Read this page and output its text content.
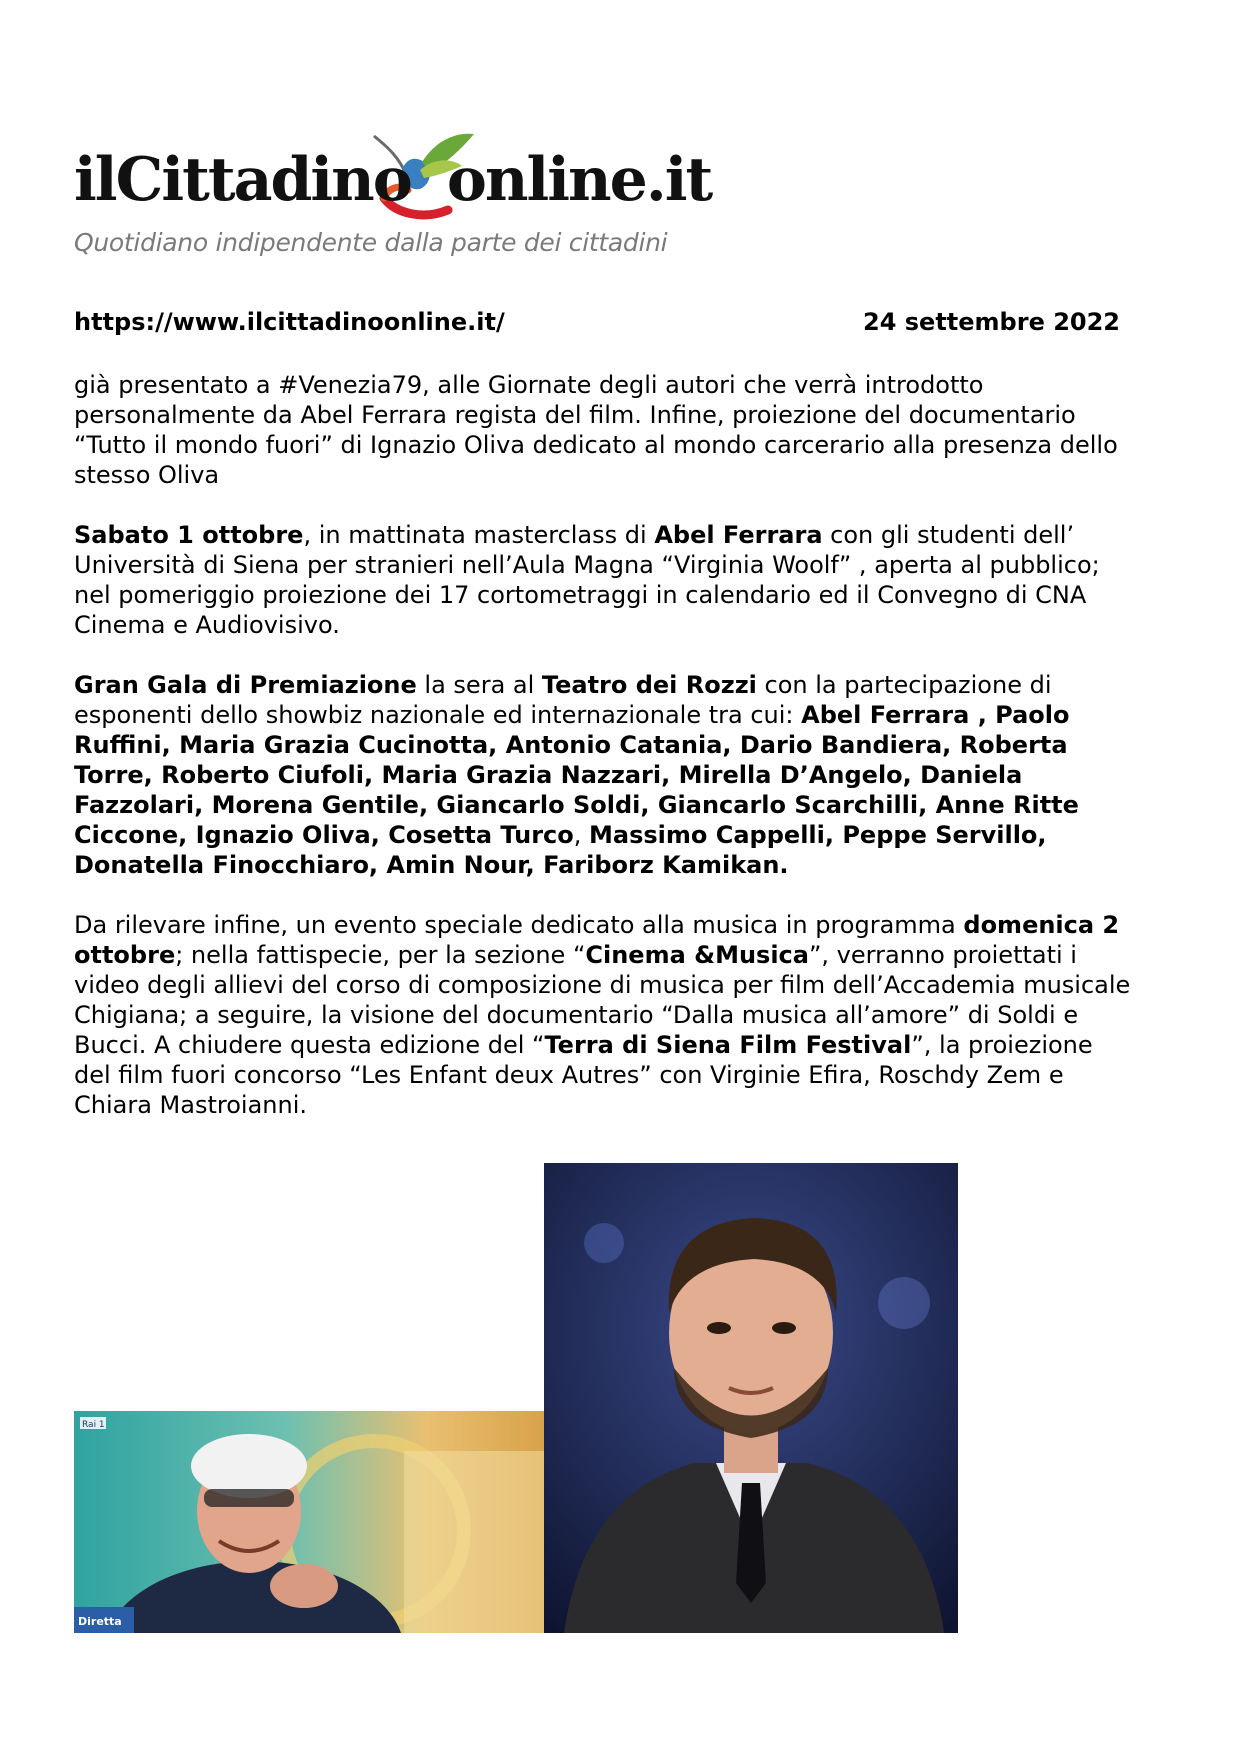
ilCittadino online.it
Quotidiano indipendente dalla parte dei cittadini
https://www.ilcittadinoonline.it/	24 settembre 2022

già presentato a #Venezia79, alle Giornate degli autori che verrà introdotto personalmente da Abel Ferrara regista del film. Infine, proiezione del documentario “Tutto il mondo fuori” di Ignazio Oliva dedicato al mondo carcerario alla presenza dello stesso Oliva

Sabato 1 ottobre, in mattinata masterclass di Abel Ferrara con gli studenti dell’ Università di Siena per stranieri nell’Aula Magna “Virginia Woolf” , aperta al pubblico; nel pomeriggio proiezione dei 17 cortometraggi in calendario ed il Convegno di CNA Cinema e Audiovisivo.

Gran Gala di Premiazione la sera al Teatro dei Rozzi con la partecipazione di esponenti dello showbiz nazionale ed internazionale tra cui: Abel Ferrara , Paolo Ruffini, Maria Grazia Cucinotta, Antonio Catania, Dario Bandiera, Roberta Torre, Roberto Ciufoli, Maria Grazia Nazzari, Mirella D’Angelo, Daniela Fazzolari, Morena Gentile, Giancarlo Soldi, Giancarlo Scarchilli, Anne Ritte Ciccone, Ignazio Oliva, Cosetta Turco, Massimo Cappelli, Peppe Servillo, Donatella Finocchiaro, Amin Nour, Fariborz Kamikan.

Da rilevare infine, un evento speciale dedicato alla musica in programma domenica 2 ottobre; nella fattispecie, per la sezione “Cinema &Musica”, verranno proiettati i video degli allievi del corso di composizione di musica per film dell’Accademia musicale Chigiana; a seguire, la visione del documentario “Dalla musica all’amore” di Soldi e Bucci. A chiudere questa edizione del “Terra di Siena Film Festival”, la proiezione del film fuori concorso “Les Enfant deux Autres” con Virginie Efira, Roschdy Zem e Chiara Mastroianni.

Rai 1
Diretta
